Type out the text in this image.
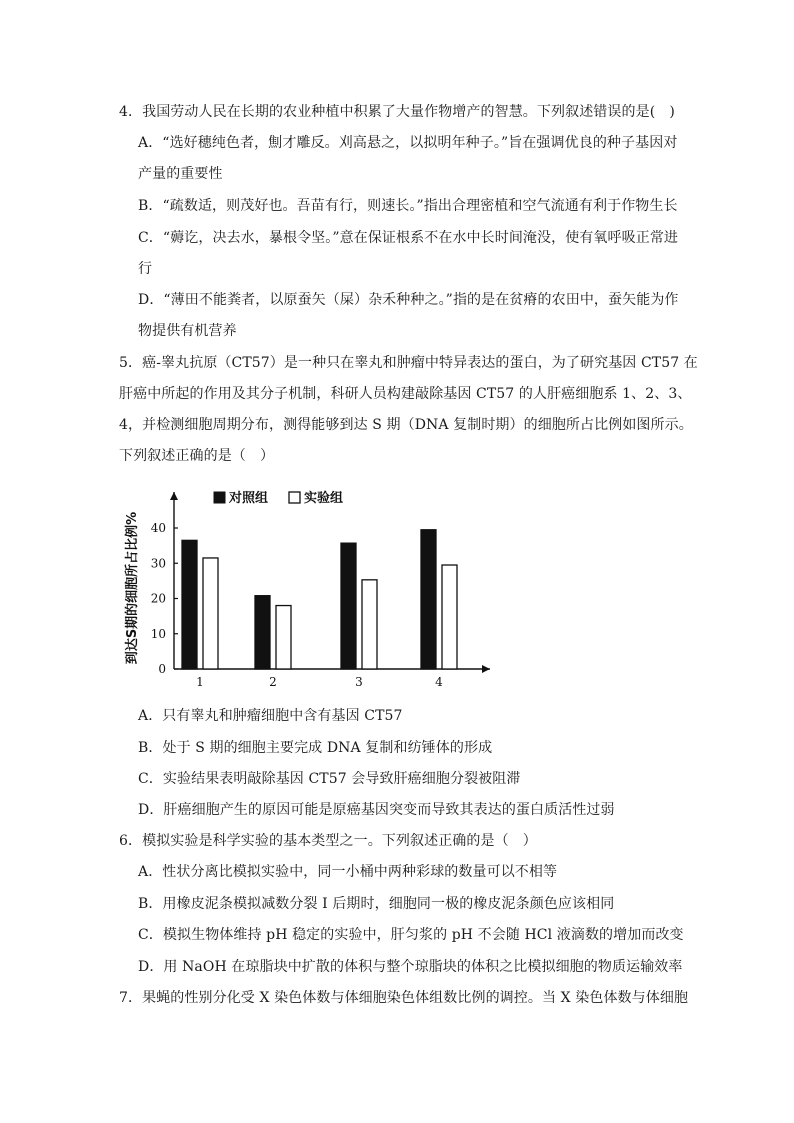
4．我国劳动人民在长期的农业种植中积累了大量作物增产的智慧。下列叙述错误的是(　)
A．“选好穗纯色者，劁才雕反。刈高悬之，以拟明年种子。”旨在强调优良的种子基因对
产量的重要性
B．“疏数适，则茂好也。吾苗有行，则速长。”指出合理密植和空气流通有利于作物生长
C．“薅讫，决去水，暴根令坚。”意在保证根系不在水中长时间淹没，使有氧呼吸正常进
行
D．“薄田不能粪者，以原蚕矢（屎）杂禾种种之。”指的是在贫瘠的农田中，蚕矢能为作
物提供有机营养
5．癌-睾丸抗原（CT57）是一种只在睾丸和肿瘤中特异表达的蛋白，为了研究基因 CT57 在
肝癌中所起的作用及其分子机制，科研人员构建敲除基因 CT57 的人肝癌细胞系 1、2、3、
4，并检测细胞周期分布，测得能够到达 S 期（DNA 复制时期）的细胞所占比例如图所示。
下列叙述正确的是（　）
0
10
20
30
40
1	2	3	4
到达S期的细胞所占比例%
对照组	实验组
A．只有睾丸和肿瘤细胞中含有基因 CT57
B．处于 S 期的细胞主要完成 DNA 复制和纺锤体的形成
C．实验结果表明敲除基因 CT57 会导致肝癌细胞分裂被阻滞
D．肝癌细胞产生的原因可能是原癌基因突变而导致其表达的蛋白质活性过弱
6．模拟实验是科学实验的基本类型之一。下列叙述正确的是（　）
A．性状分离比模拟实验中，同一小桶中两种彩球的数量可以不相等
B．用橡皮泥条模拟减数分裂 I 后期时，细胞同一极的橡皮泥条颜色应该相同
C．模拟生物体维持 pH 稳定的实验中，肝匀浆的 pH 不会随 HCl 液滴数的增加而改变
D．用 NaOH 在琼脂块中扩散的体积与整个琼脂块的体积之比模拟细胞的物质运输效率
7．果蝇的性别分化受 X 染色体数与体细胞染色体组数比例的调控。当 X 染色体数与体细胞
